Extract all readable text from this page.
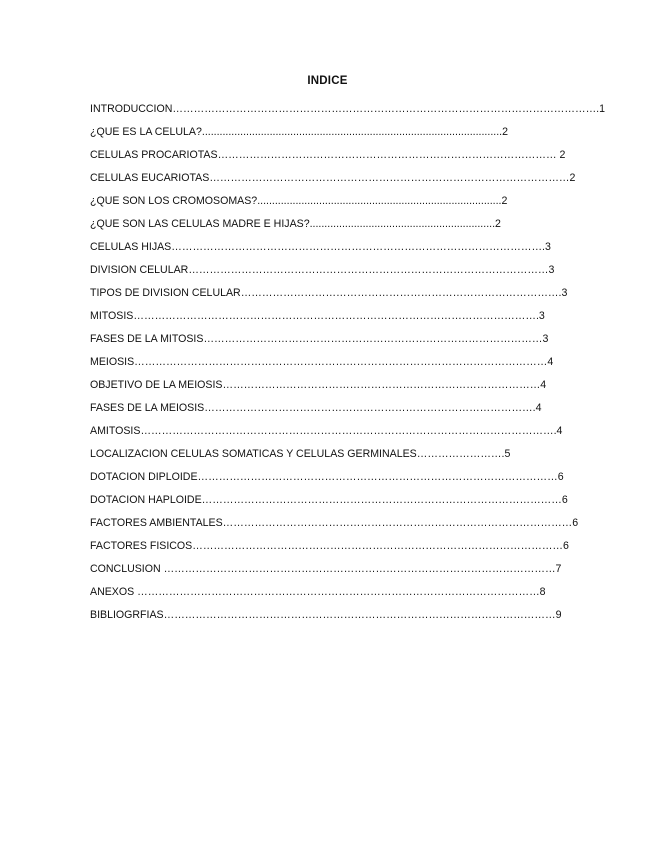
INDICE
INTRODUCCION ………………………………………………………………………………………………………… .1
¿QUE ES LA CELULA? ...................................................................................................... 2
CELULAS PROCARIOTAS …………………………………………………………………………………… 2
CELULAS EUCARIOTAS ………………………………………………………………………………………… 2
¿QUE SON LOS CROMOSOMAS? ................................................................................... 2
¿QUE SON LAS CELULAS MADRE E HIJAS? ............................................................... 2
CELULAS HIJAS …………………………………………………………………………………………… .3
DIVISION CELULAR ………………………………………………………………………………………… 3
TIPOS DE DIVISION CELULAR ……………………………………………………………………………… .3
MITOSIS …………………………………………………………………………………………………… .3
FASES DE LA MITOSIS …………………………………………………………………………………… 3
MEIOSIS ……………………………………………………………………………………………………… 4
OBJETIVO DE LA MEIOSIS ……………………………………………………………………………… 4
FASES DE LA MEIOSIS ………………………………………………………………………………… .4
AMITOSIS ……………………………………………………………………………………………………… .4
LOCALIZACION CELULAS SOMATICAS Y CELULAS GERMINALES …………………… .5
DOTACION DIPLOIDE ………………………………………………………………………………………… 6
DOTACION HAPLOIDE ………………………………………………………………………………………… 6
FACTORES AMBIENTALES ……………………………………………………………………………………… 6
FACTORES FISICOS …………………………………………………………………………………………… 6
CONCLUSION ………………………………………………………………………………………………… 7
ANEXOS …………………………………………………………………………………………………… 8
BIBLIOGRFIAS ………………………………………………………………………………………………… 9
